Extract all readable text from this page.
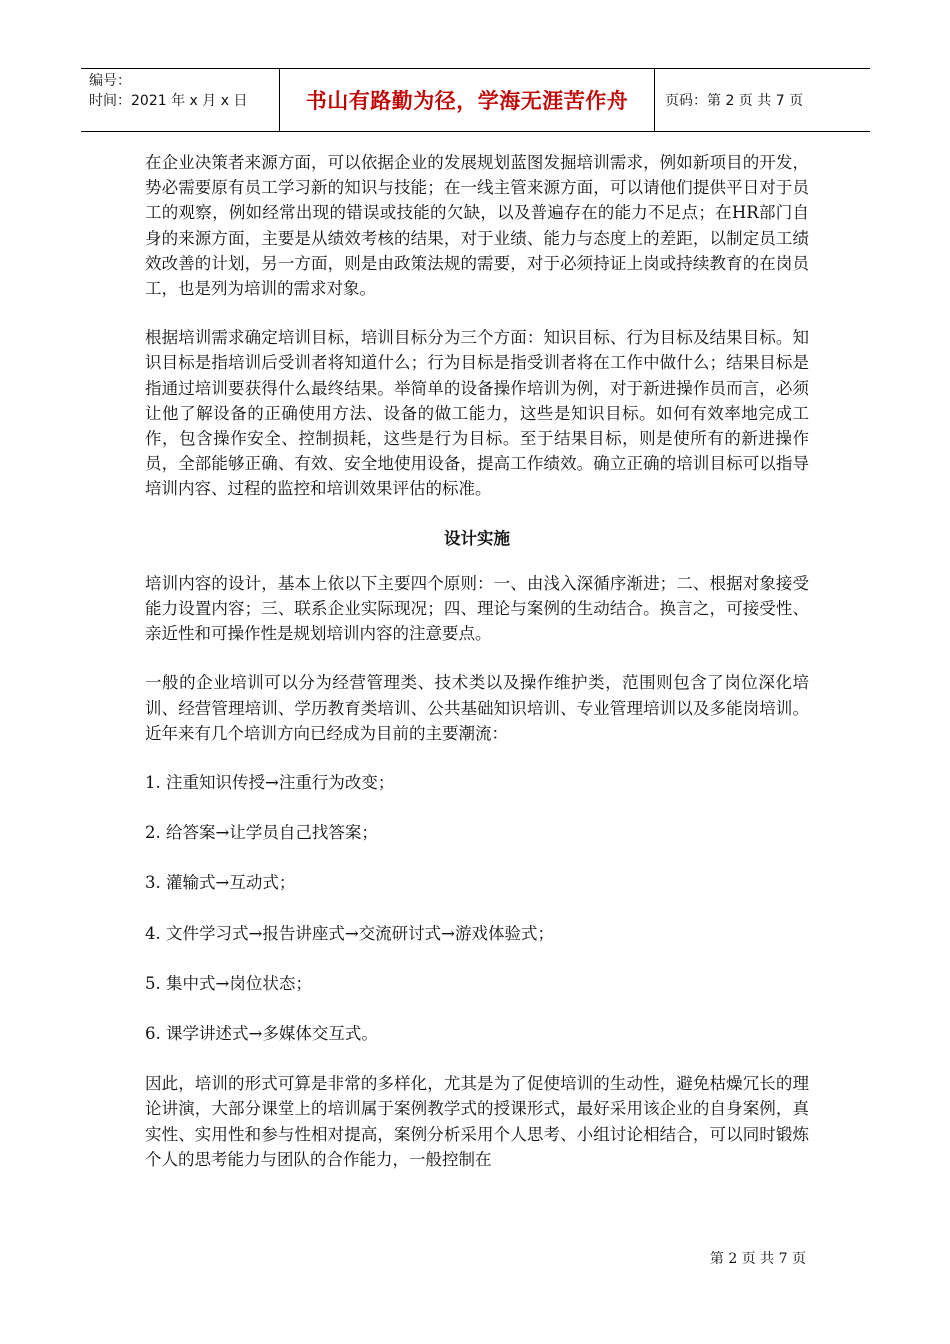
编号：
时间：2021 年 x 月 x 日	书山有路勤为径，学海无涯苦作舟	页码：第 2 页 共 7 页

在企业决策者来源方面，可以依据企业的发展规划蓝图发掘培训需求，例如新项目的开发，势必需要原有员工学习新的知识与技能；在一线主管来源方面，可以请他们提供平日对于员工的观察，例如经常出现的错误或技能的欠缺，以及普遍存在的能力不足点；在HR部门自身的来源方面，主要是从绩效考核的结果，对于业绩、能力与态度上的差距，以制定员工绩效改善的计划，另一方面，则是由政策法规的需要，对于必须持证上岗或持续教育的在岗员工，也是列为培训的需求对象。

根据培训需求确定培训目标，培训目标分为三个方面：知识目标、行为目标及结果目标。知识目标是指培训后受训者将知道什么；行为目标是指受训者将在工作中做什么；结果目标是指通过培训要获得什么最终结果。举简单的设备操作培训为例，对于新进操作员而言，必须让他了解设备的正确使用方法、设备的做工能力，这些是知识目标。如何有效率地完成工作，包含操作安全、控制损耗，这些是行为目标。至于结果目标，则是使所有的新进操作员，全部能够正确、有效、安全地使用设备，提高工作绩效。确立正确的培训目标可以指导培训内容、过程的监控和培训效果评估的标准。

设计实施

培训内容的设计，基本上依以下主要四个原则：一、由浅入深循序渐进；二、根据对象接受能力设置内容；三、联系企业实际现况；四、理论与案例的生动结合。换言之，可接受性、亲近性和可操作性是规划培训内容的注意要点。

一般的企业培训可以分为经营管理类、技术类以及操作维护类，范围则包含了岗位深化培训、经营管理培训、学历教育类培训、公共基础知识培训、专业管理培训以及多能岗培训。近年来有几个培训方向已经成为目前的主要潮流：

1. 注重知识传授→注重行为改变；
2. 给答案→让学员自己找答案；
3. 灌输式→互动式；
4. 文件学习式→报告讲座式→交流研讨式→游戏体验式；
5. 集中式→岗位状态；
6. 课学讲述式→多媒体交互式。

因此，培训的形式可算是非常的多样化，尤其是为了促使培训的生动性，避免枯燥冗长的理论讲演，大部分课堂上的培训属于案例教学式的授课形式，最好采用该企业的自身案例，真实性、实用性和参与性相对提高，案例分析采用个人思考、小组讨论相结合，可以同时锻炼个人的思考能力与团队的合作能力，一般控制在

第 2 页 共 7 页
